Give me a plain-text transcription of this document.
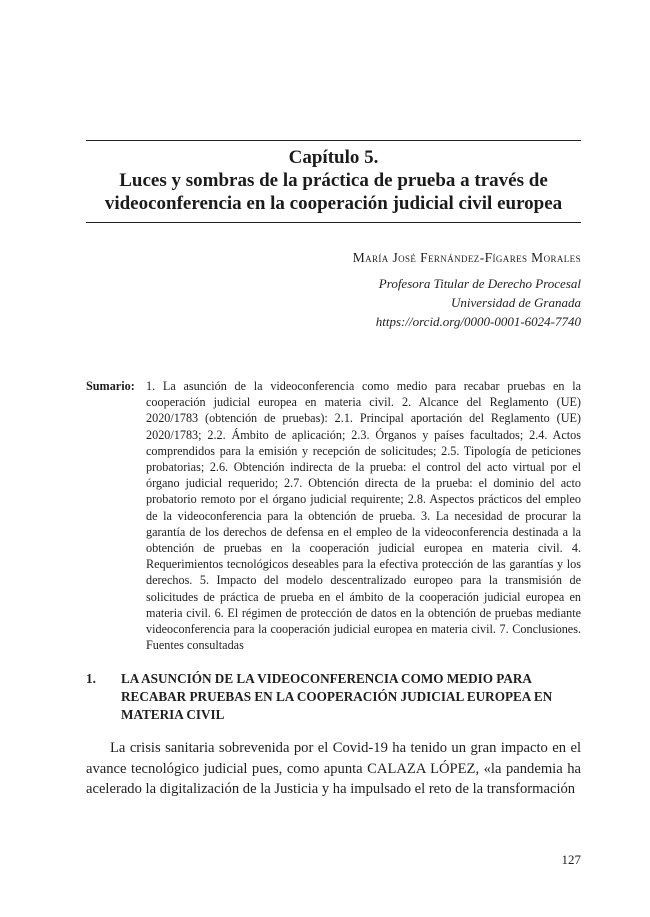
Capítulo 5.
Luces y sombras de la práctica de prueba a través de
videoconferencia en la cooperación judicial civil europea
María José Fernández-Fígares Morales
Profesora Titular de Derecho Procesal
Universidad de Granada
https://orcid.org/0000-0001-6024-7740
Sumario: 1. La asunción de la videoconferencia como medio para recabar pruebas en la cooperación judicial europea en materia civil. 2. Alcance del Reglamento (UE) 2020/1783 (obtención de pruebas): 2.1. Principal aportación del Reglamento (UE) 2020/1783; 2.2. Ámbito de aplicación; 2.3. Órganos y países facultados; 2.4. Actos comprendidos para la emisión y recepción de solicitudes; 2.5. Tipología de peticiones probatorias; 2.6. Obtención indirecta de la prueba: el control del acto virtual por el órgano judicial requerido; 2.7. Obtención directa de la prueba: el dominio del acto probatorio remoto por el órgano judicial requirente; 2.8. Aspectos prácticos del empleo de la videoconferencia para la obtención de prueba. 3. La necesidad de procurar la garantía de los derechos de defensa en el empleo de la videoconferencia destinada a la obtención de pruebas en la cooperación judicial europea en materia civil. 4. Requerimientos tecnológicos deseables para la efectiva protección de las garantías y los derechos. 5. Impacto del modelo descentralizado europeo para la transmisión de solicitudes de práctica de prueba en el ámbito de la cooperación judicial europea en materia civil. 6. El régimen de protección de datos en la obtención de pruebas mediante videoconferencia para la cooperación judicial europea en materia civil. 7. Conclusiones. Fuentes consultadas
1.	LA ASUNCIÓN DE LA VIDEOCONFERENCIA COMO MEDIO PARA RECABAR PRUEBAS EN LA COOPERACIÓN JUDICIAL EUROPEA EN MATERIA CIVIL
La crisis sanitaria sobrevenida por el Covid-19 ha tenido un gran impacto en el avance tecnológico judicial pues, como apunta CALAZA LÓPEZ, «la pandemia ha acelerado la digitalización de la Justicia y ha impulsado el reto de la transformación
127
